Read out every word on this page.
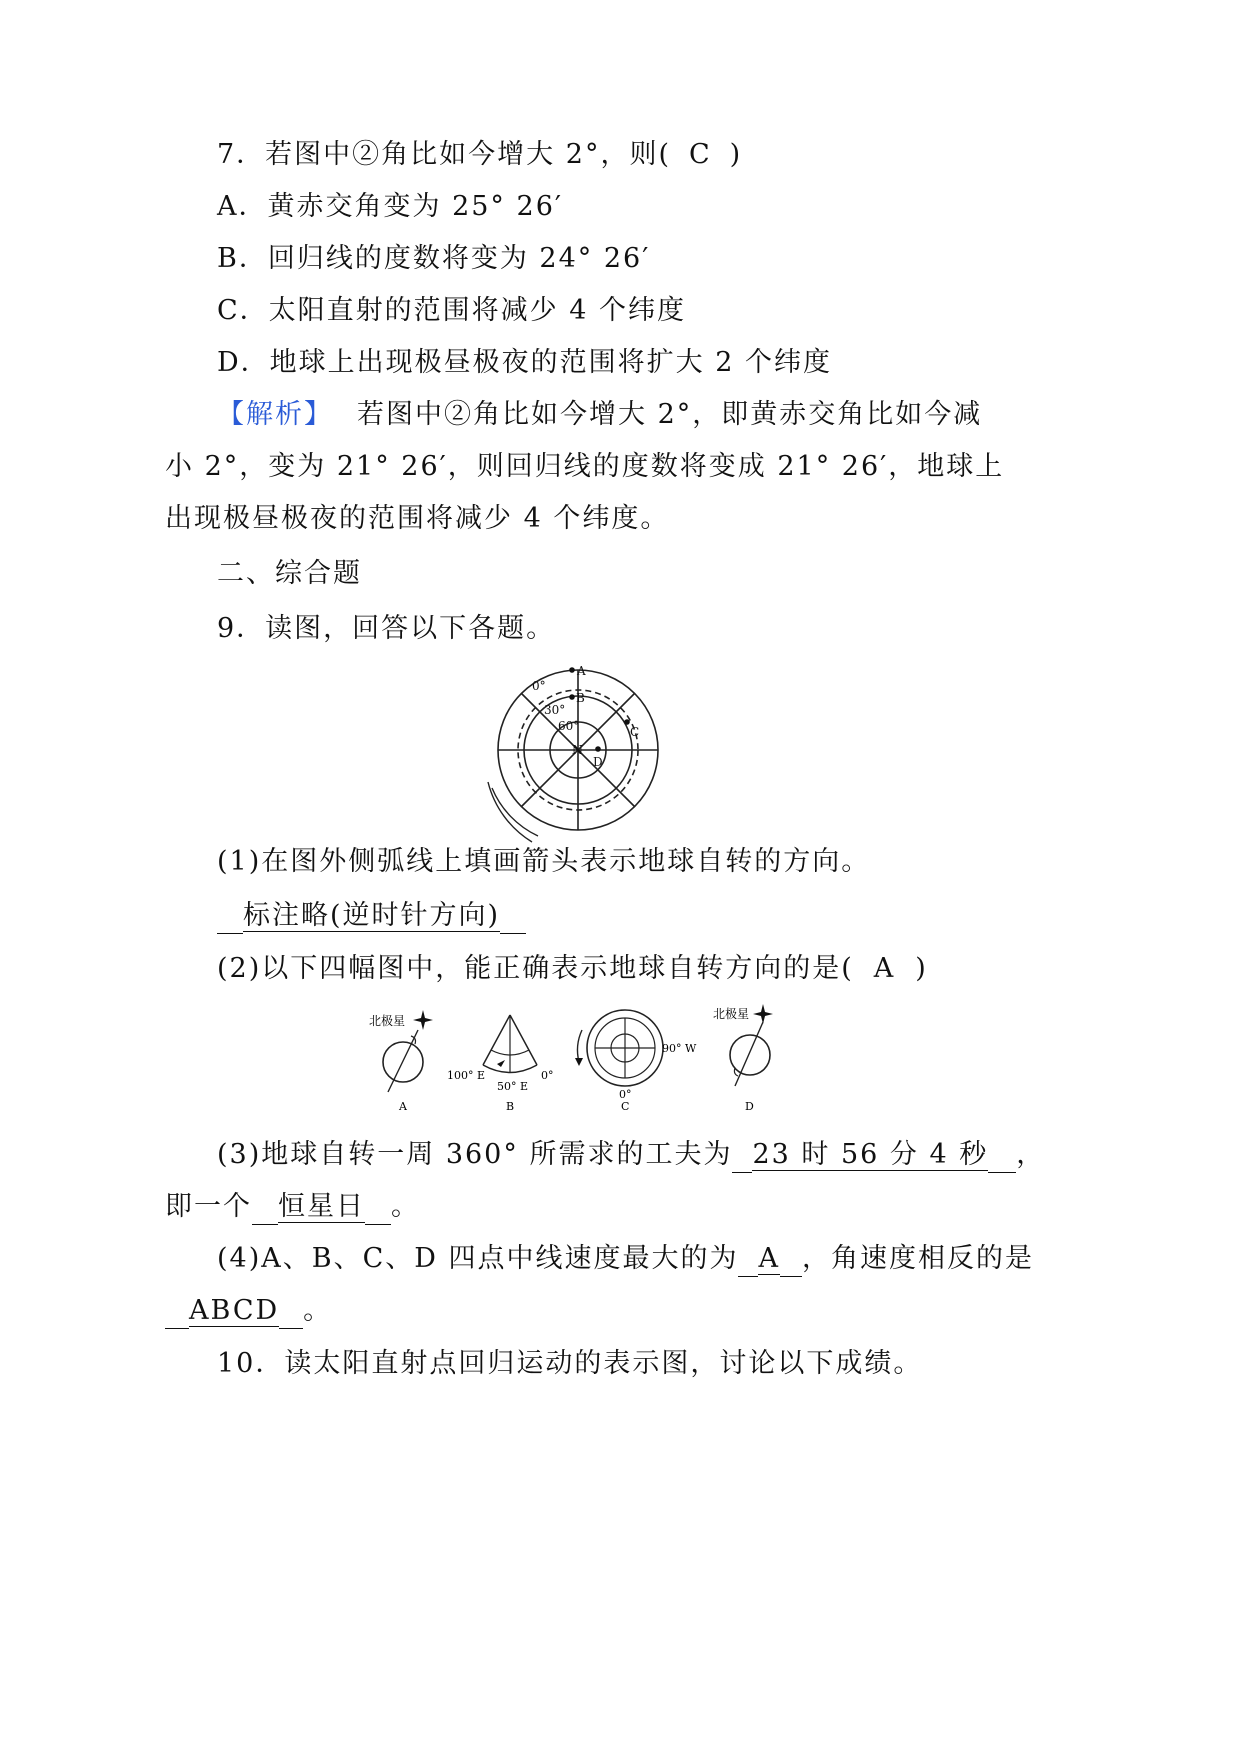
7．若图中②角比如今增大 2°，则( C )
A．黄赤交角变为 25° 26′
B．回归线的度数将变为 24° 26′
C．太阳直射的范围将减少 4 个纬度
D．地球上出现极昼极夜的范围将扩大 2 个纬度
【解析】 若图中②角比如今增大 2°，即黄赤交角比如今减
小 2°，变为 21° 26′，则回归线的度数将变成 21° 26′，地球上
出现极昼极夜的范围将减少 4 个纬度。
二、综合题
9．读图，回答以下各题。
0°
30°
60°
N
A
B
C
D
(1)在图外侧弧线上填画箭头表示地球自转的方向。
标注略(逆时针方向)
(2)以下四幅图中，能正确表示地球自转方向的是( A )
北极星
A
100° E
50° E
0°
B
90° W
0°
C
北极星
D
(3)地球自转一周 360° 所需求的工夫为 23 时 56 分 4 秒 ，
即一个 恒星日 。
(4)A、B、C、D 四点中线速度最大的为 A ，角速度相反的是
ABCD 。
10．读太阳直射点回归运动的表示图，讨论以下成绩。
